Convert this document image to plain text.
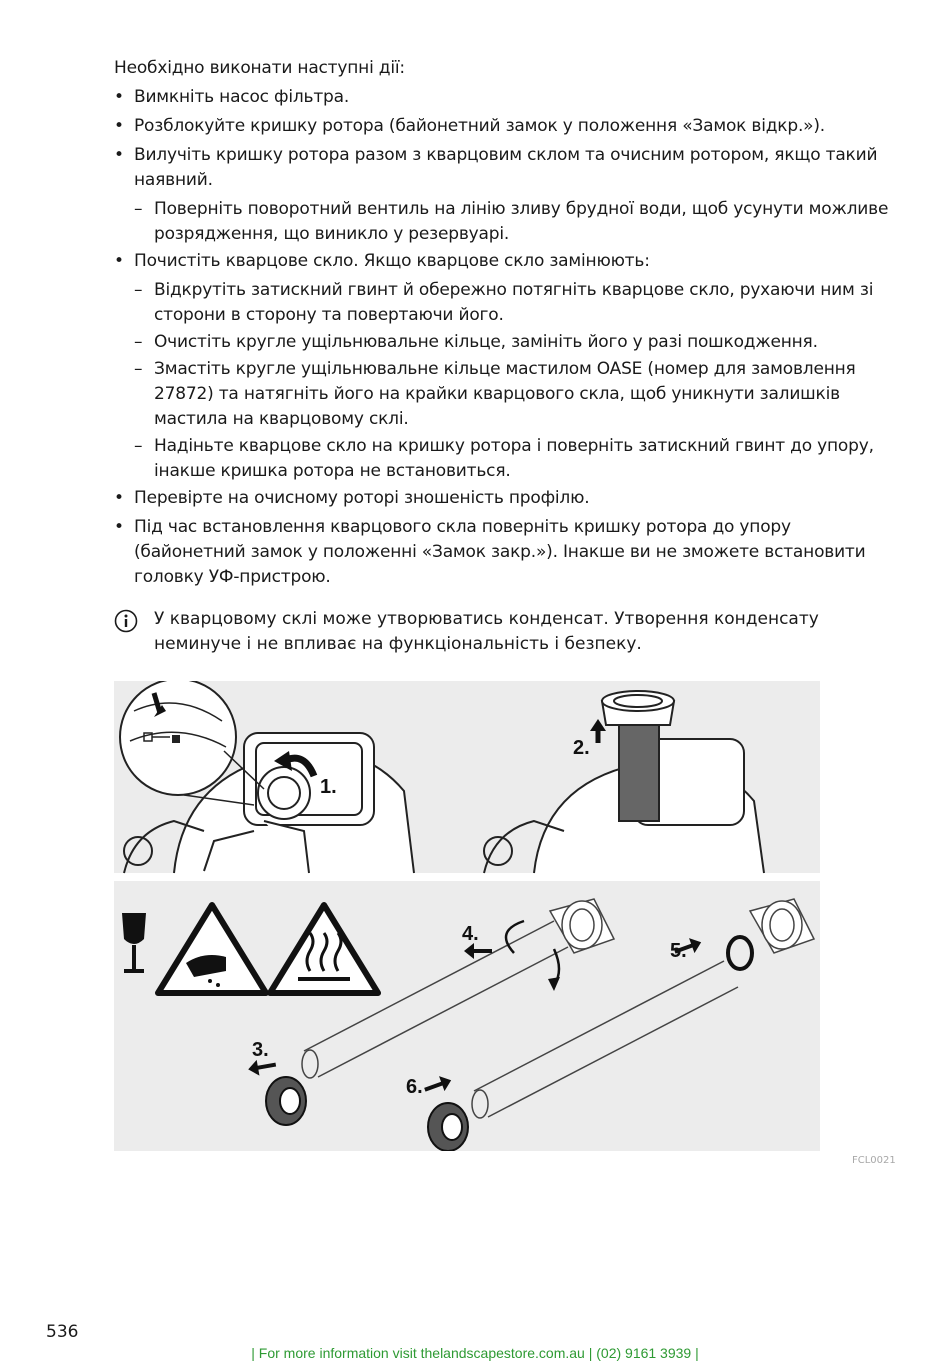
Необхідно виконати наступні дії:

• Вимкніть насос фільтра.
• Розблокуйте кришку ротора (байонетний замок у положення «Замок відкр.»).
• Вилучіть кришку ротора разом з кварцовим склом та очисним ротором, якщо такий наявний.
– Поверніть поворотний вентиль на лінію зливу брудної води, щоб усунути можливе розрядження, що виникло у резервуарі.
• Почистіть кварцове скло. Якщо кварцове скло замінюють:
– Відкрутіть затискний гвинт й обережно потягніть кварцове скло, рухаючи ним зі сторони в сторону та повертаючи його.
– Очистіть кругле ущільнювальне кільце, замініть його у разі пошкодження.
– Змастіть кругле ущільнювальне кільце мастилом OASE (номер для замовлення 27872) та натягніть його на крайки кварцового скла, щоб уникнути залишків мастила на кварцовому склі.
– Надіньте кварцове скло на кришку ротора і поверніть затискний гвинт до упору, інакше кришка ротора не встановиться.
• Перевірте на очисному роторі зношеність профілю.
• Під час встановлення кварцового скла поверніть кришку ротора до упору (байонетний замок у положенні «Замок закр.»). Інакше ви не зможете встановити головку УФ-пристрою.
У кварцовому склі може утворюватись конденсат. Утворення конденсату неминуче і не впливає на функціональність і безпеку.
1.
2.
3.
4.
5.
6.
FCL0021
536
| For more information visit thelandscapestore.com.au | (02) 9161 3939 |
